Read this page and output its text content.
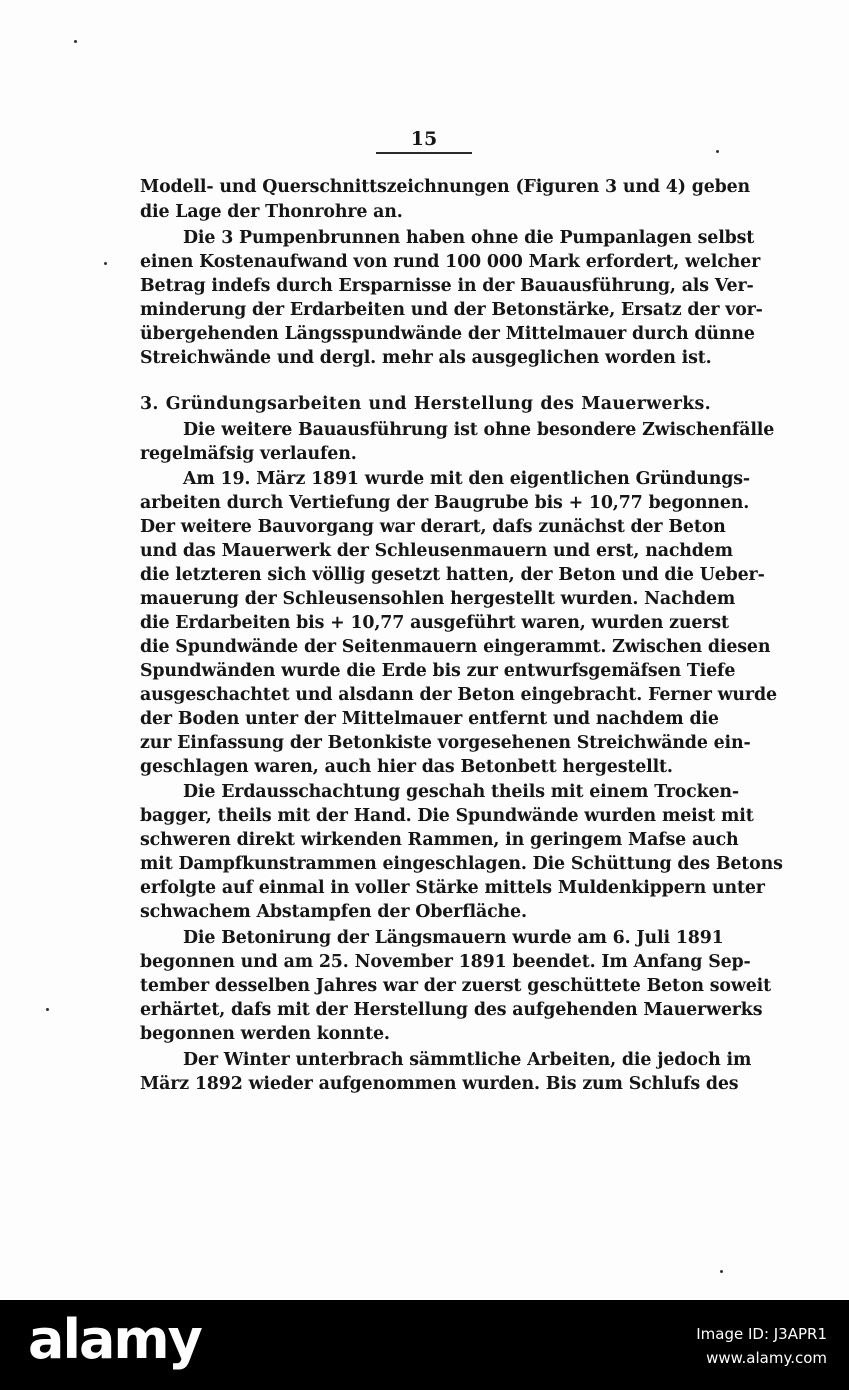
15
Modell- und Querschnittszeichnungen (Figuren 3 und 4) geben
die Lage der Thonrohre an.
Die 3 Pumpenbrunnen haben ohne die Pumpanlagen selbst
einen Kostenaufwand von rund 100 000 Mark erfordert, welcher
Betrag indefs durch Ersparnisse in der Bauausführung, als Ver-
minderung der Erdarbeiten und der Betonstärke, Ersatz der vor-
übergehenden Längsspundwände der Mittelmauer durch dünne
Streichwände und dergl. mehr als ausgeglichen worden ist.
3. Gründungsarbeiten und Herstellung des Mauerwerks.
Die weitere Bauausführung ist ohne besondere Zwischenfälle
regelmäfsig verlaufen.
Am 19. März 1891 wurde mit den eigentlichen Gründungs-
arbeiten durch Vertiefung der Baugrube bis + 10,77 begonnen.
Der weitere Bauvorgang war derart, dafs zunächst der Beton
und das Mauerwerk der Schleusenmauern und erst, nachdem
die letzteren sich völlig gesetzt hatten, der Beton und die Ueber-
mauerung der Schleusensohlen hergestellt wurden. Nachdem
die Erdarbeiten bis + 10,77 ausgeführt waren, wurden zuerst
die Spundwände der Seitenmauern eingerammt. Zwischen diesen
Spundwänden wurde die Erde bis zur entwurfsgemäfsen Tiefe
ausgeschachtet und alsdann der Beton eingebracht. Ferner wurde
der Boden unter der Mittelmauer entfernt und nachdem die
zur Einfassung der Betonkiste vorgesehenen Streichwände ein-
geschlagen waren, auch hier das Betonbett hergestellt.
Die Erdausschachtung geschah theils mit einem Trocken-
bagger, theils mit der Hand. Die Spundwände wurden meist mit
schweren direkt wirkenden Rammen, in geringem Mafse auch
mit Dampfkunstrammen eingeschlagen. Die Schüttung des Betons
erfolgte auf einmal in voller Stärke mittels Muldenkippern unter
schwachem Abstampfen der Oberfläche.
Die Betonirung der Längsmauern wurde am 6. Juli 1891
begonnen und am 25. November 1891 beendet. Im Anfang Sep-
tember desselben Jahres war der zuerst geschüttete Beton soweit
erhärtet, dafs mit der Herstellung des aufgehenden Mauerwerks
begonnen werden konnte.
Der Winter unterbrach sämmtliche Arbeiten, die jedoch im
März 1892 wieder aufgenommen wurden. Bis zum Schlufs des
alamy	Image ID: J3APR1
www.alamy.com
